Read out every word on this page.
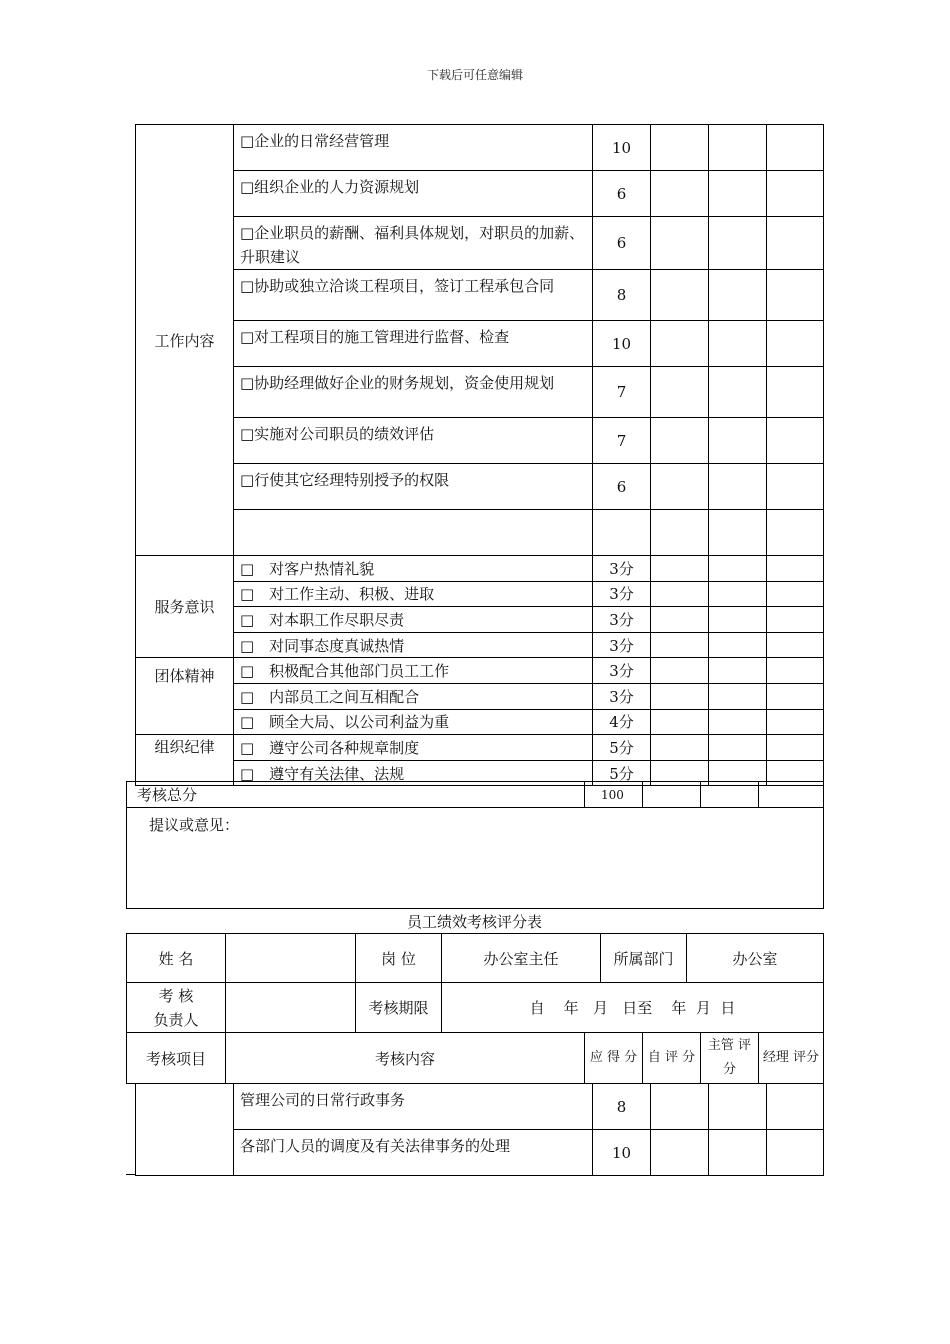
下载后可任意编辑
工作内容	□企业的日常经营管理	10			
	□组织企业的人力资源规划	6			
	□企业职员的薪酬、福利具体规划，对职员的加薪、升职建议	6			
	□协助或独立洽谈工程项目，签订工程承包合同	8			
	□对工程项目的施工管理进行监督、检查	10			
	□协助经理做好企业的财务规划，资金使用规划	7			
	□实施对公司职员的绩效评估	7			
	□行使其它经理特别授予的权限	6			

服务意识	□　对客户热情礼貌	3分			
	□　对工作主动、积极、进取	3分			
	□　对本职工作尽职尽责	3分			
	□　对同事态度真诚热情	3分			
团体精神	□　积极配合其他部门员工工作	3分			
	□　内部员工之间互相配合	3分			
	□　顾全大局、以公司利益为重	4分			
组织纪律	□　遵守公司各种规章制度	5分			
	□　遵守有关法律、法规	5分			
考核总分	100			

提议或意见：
员工绩效考核评分表
姓 名		岗 位	办公室主任	所属部门	办公室

考 核
负责人		考核期限	自    年   月   日至    年  月  日		
考核项目	考核内容	应 得 分	自 评 分	主管 评分	经理 评分
	管理公司的日常行政事务	8			
	各部门人员的调度及有关法律事务的处理	10			
